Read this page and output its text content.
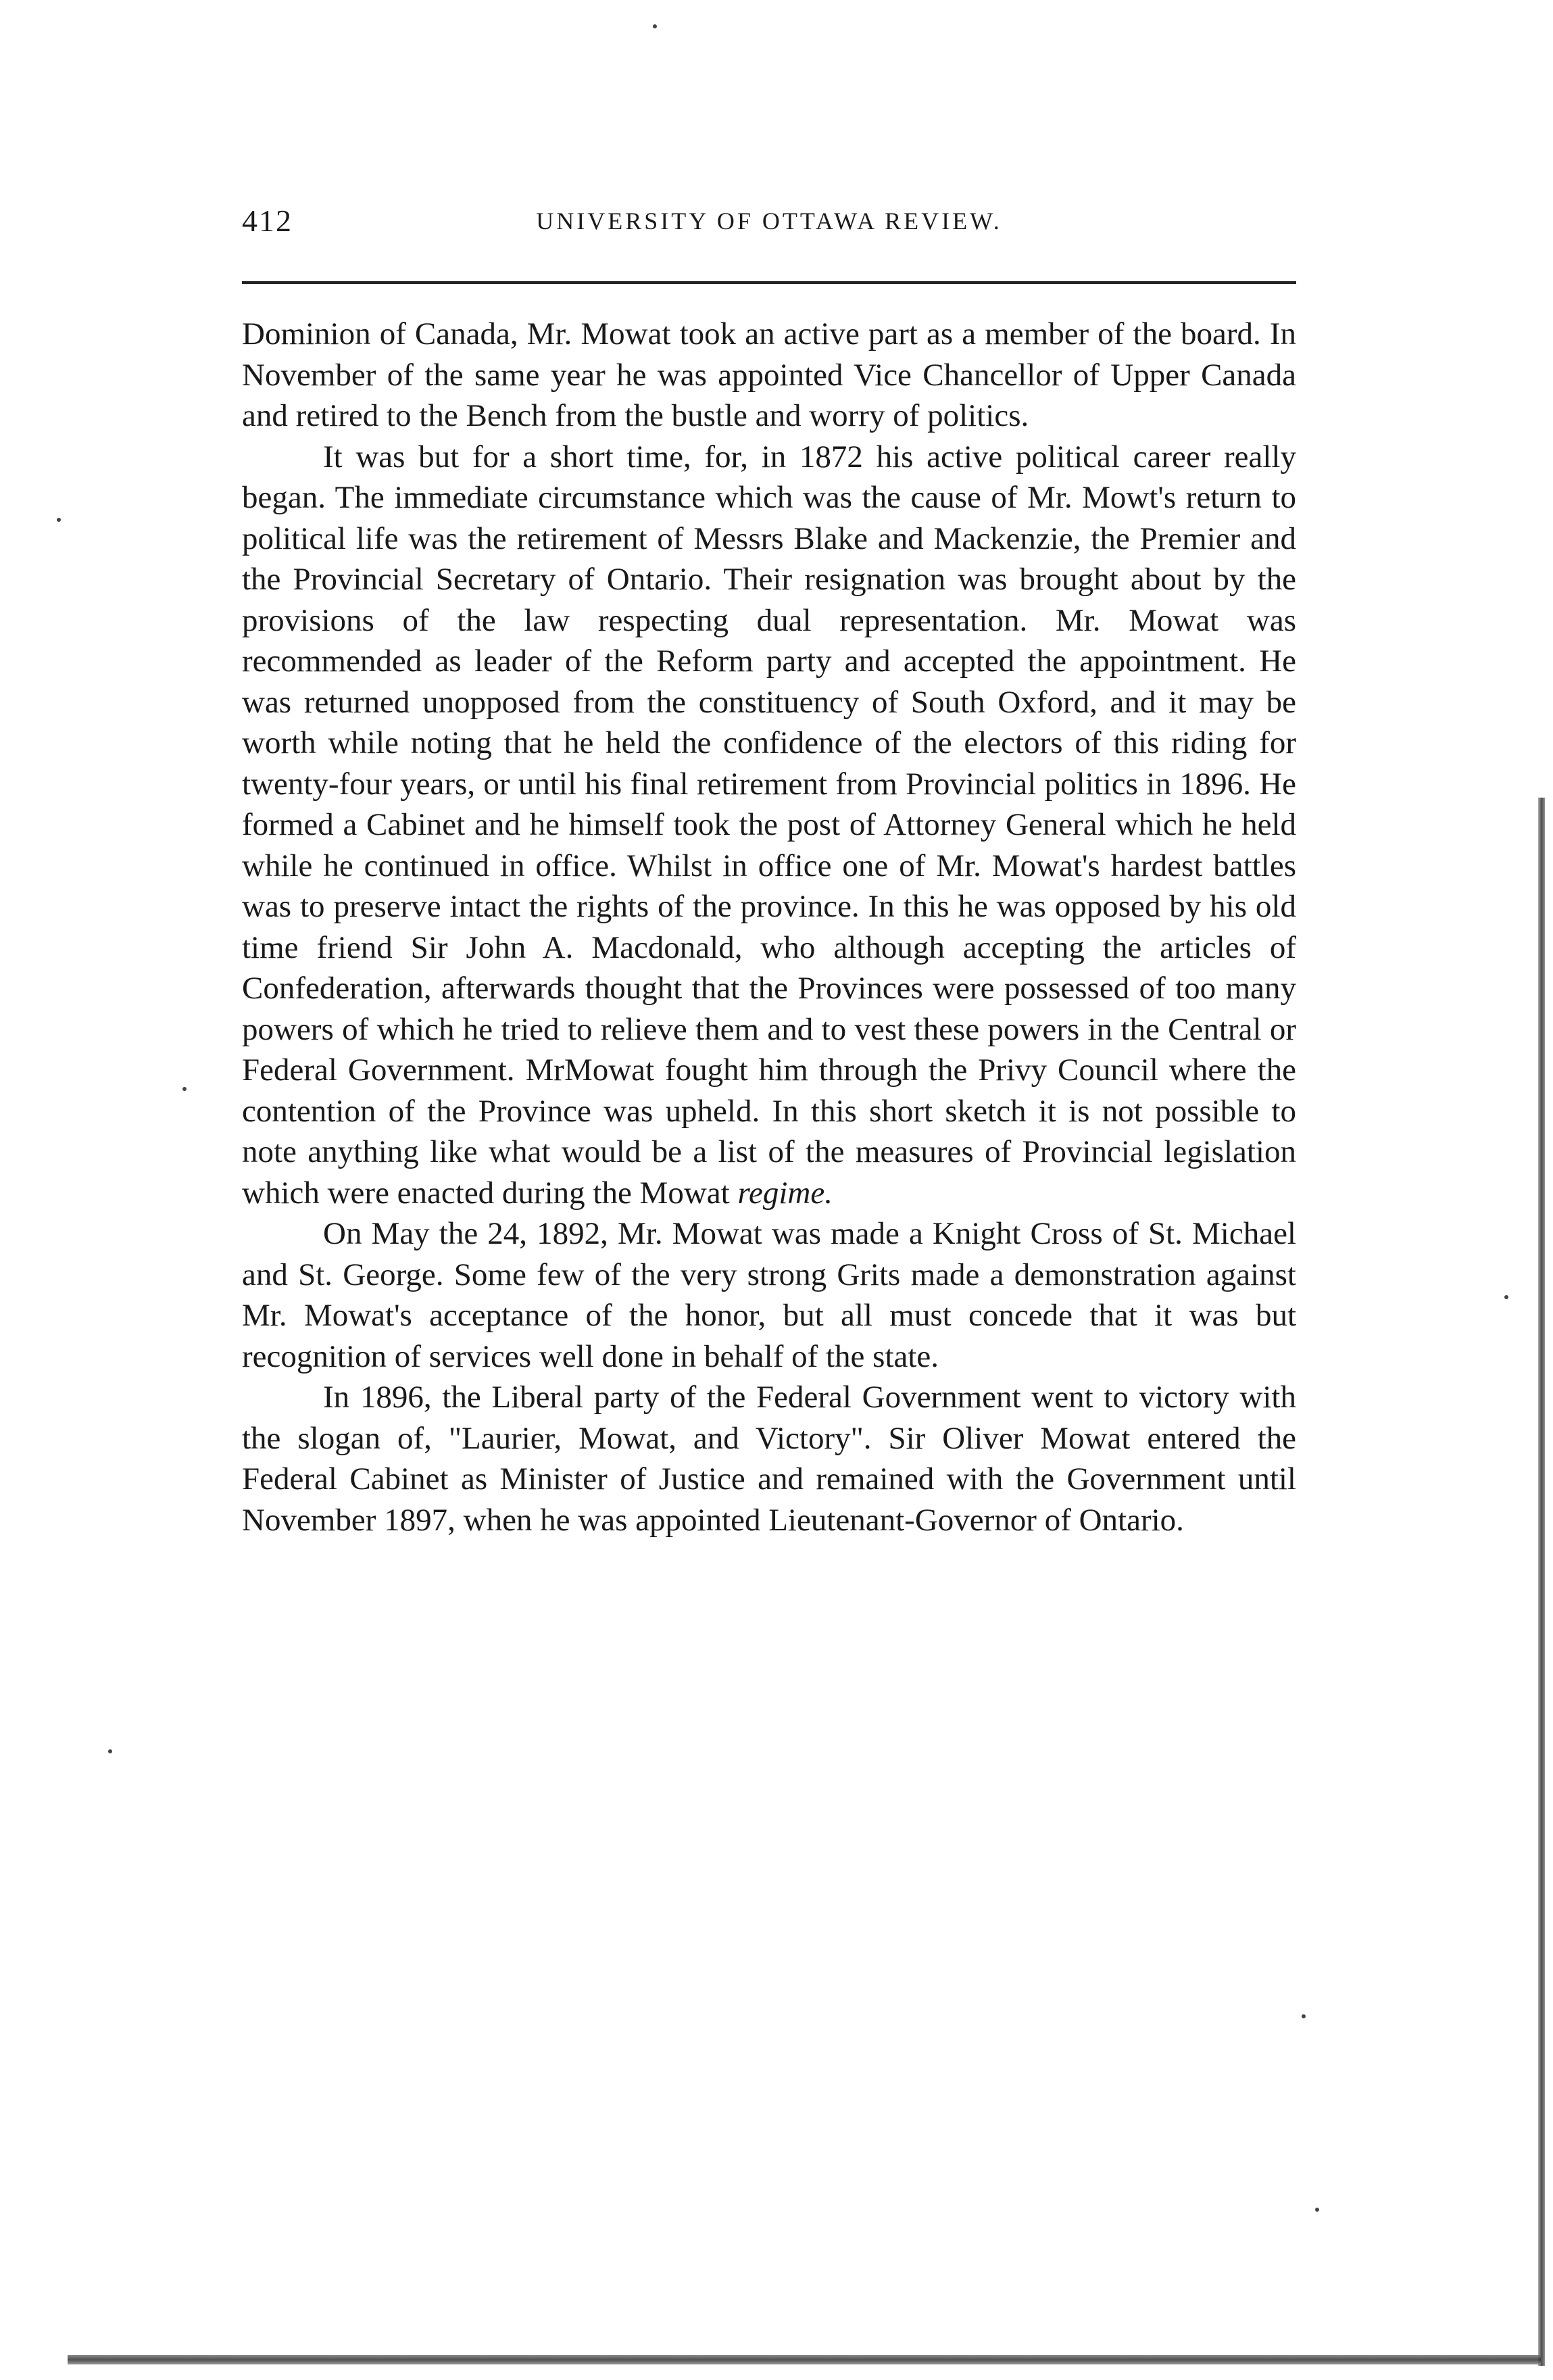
412	UNIVERSITY OF OTTAWA REVIEW.

Dominion of Canada, Mr. Mowat took an active part as a member of the board. In November of the same year he was appointed Vice Chancellor of Upper Canada and retired to the Bench from the bustle and worry of politics.

It was but for a short time, for, in 1872 his active political career really began. The immediate circumstance which was the cause of Mr. Mowt's return to political life was the retirement of Messrs Blake and Mackenzie, the Premier and the Provincial Secretary of Ontario. Their resignation was brought about by the provisions of the law respecting dual representation. Mr. Mowat was recommended as leader of the Reform party and accepted the appointment. He was returned unopposed from the constituency of South Oxford, and it may be worth while noting that he held the confidence of the electors of this riding for twenty-four years, or until his final retirement from Provincial politics in 1896. He formed a Cabinet and he himself took the post of Attorney General which he held while he continued in office. Whilst in office one of Mr. Mowat's hardest battles was to preserve intact the rights of the province. In this he was opposed by his old time friend Sir John A. Macdonald, who although accepting the articles of Confederation, afterwards thought that the Provinces were possessed of too many powers of which he tried to relieve them and to vest these powers in the Central or Federal Government. MrMowat fought him through the Privy Council where the contention of the Province was upheld. In this short sketch it is not possible to note anything like what would be a list of the measures of Provincial legislation which were enacted during the Mowat regime.

On May the 24, 1892, Mr. Mowat was made a Knight Cross of St. Michael and St. George. Some few of the very strong Grits made a demonstration against Mr. Mowat's acceptance of the honor, but all must concede that it was but recognition of services well done in behalf of the state.

In 1896, the Liberal party of the Federal Government went to victory with the slogan of, "Laurier, Mowat, and Victory". Sir Oliver Mowat entered the Federal Cabinet as Minister of Justice and remained with the Government until November 1897, when he was appointed Lieutenant-Governor of Ontario.
